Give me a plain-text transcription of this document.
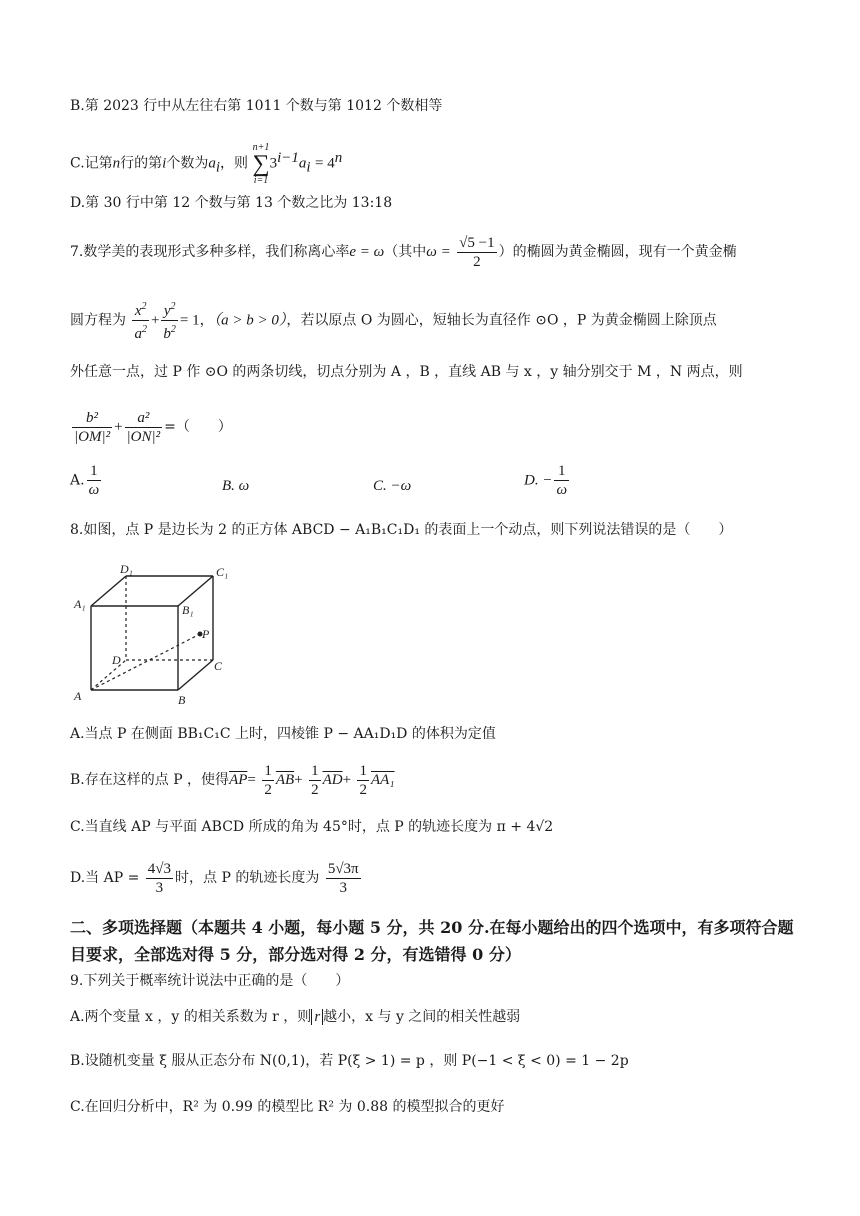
B.第 2023 行中从左往右第 1011 个数与第 1012 个数相等
C.记第n行的第i个数为$a_i$，则
n+1
∑
i=1
$3^{i-1}a_i = 4^n$
D.第 30 行中第 12 个数与第 13 个数之比为 13:18
7.数学美的表现形式多种多样，我们称离心率e = ω（其中$\omega = \frac{√5 -1}{2}$ ）的椭圆为黄金椭圆，现有一个黄金椭
圆方程为 $\frac{x^2}{a^2} + \frac{y^2}{b^2} = 1$，（a > b > 0），若以原点 O 为圆心，短轴长为直径作 ⊙O ，P 为黄金椭圆上除顶点
外任意一点，过 P 作 ⊙O 的两条切线，切点分别为 A ，B ，直线 AB 与 x ，y 轴分别交于 M ，N 两点，则
$\frac{\text{b²}}{\text{|OM|²}} + \frac{\text{a²}}{\text{|ON|²}}$ =（　　）
A. $\frac{1}{\omega}$	B. ω	C. −ω	D. − $\frac{1}{\omega}$
8.如图，点 P 是边长为 2 的正方体 ABCD − A₁B₁C₁D₁ 的表面上一个动点，则下列说法错误的是（　　）
D₁	C₁
A₁	B₁
P
D	C
A	B
A.当点 P 在侧面 BB₁C₁C 上时，四棱锥 P − AA₁D₁D 的体积为定值
B.存在这样的点 P ，使得$\overline{AP}= \frac{1}{2} \overline{AB}+ \frac{1}{2} \overline{AD}+ \frac{1}{2} AA_1$
C.当直线 AP 与平面 ABCD 所成的角为 45°时，点 P 的轨迹长度为 π + 4√2
D.当 AP = $\frac{4√3}{3}$ 时，点 P 的轨迹长度为 $\frac{5√3\pi}{3}$
二、多项选择题（本题共 4 小题，每小题 5 分，共 20 分.在每小题给出的四个选项中，有多项符合题目要求，全部选对得 5 分，部分选对得 2 分，有选错得 0 分）
9.下列关于概率统计说法中正确的是（　　）
A.两个变量 x ，y 的相关系数为 r ，则 r 越小，x 与 y 之间的相关性越弱
B.设随机变量 ξ 服从正态分布 N(0,1)，若 P(ξ > 1) = p ，则 P(−1 < ξ < 0) = 1 − 2p
C.在回归分析中，R² 为 0.99 的模型比 R² 为 0.88 的模型拟合的更好
